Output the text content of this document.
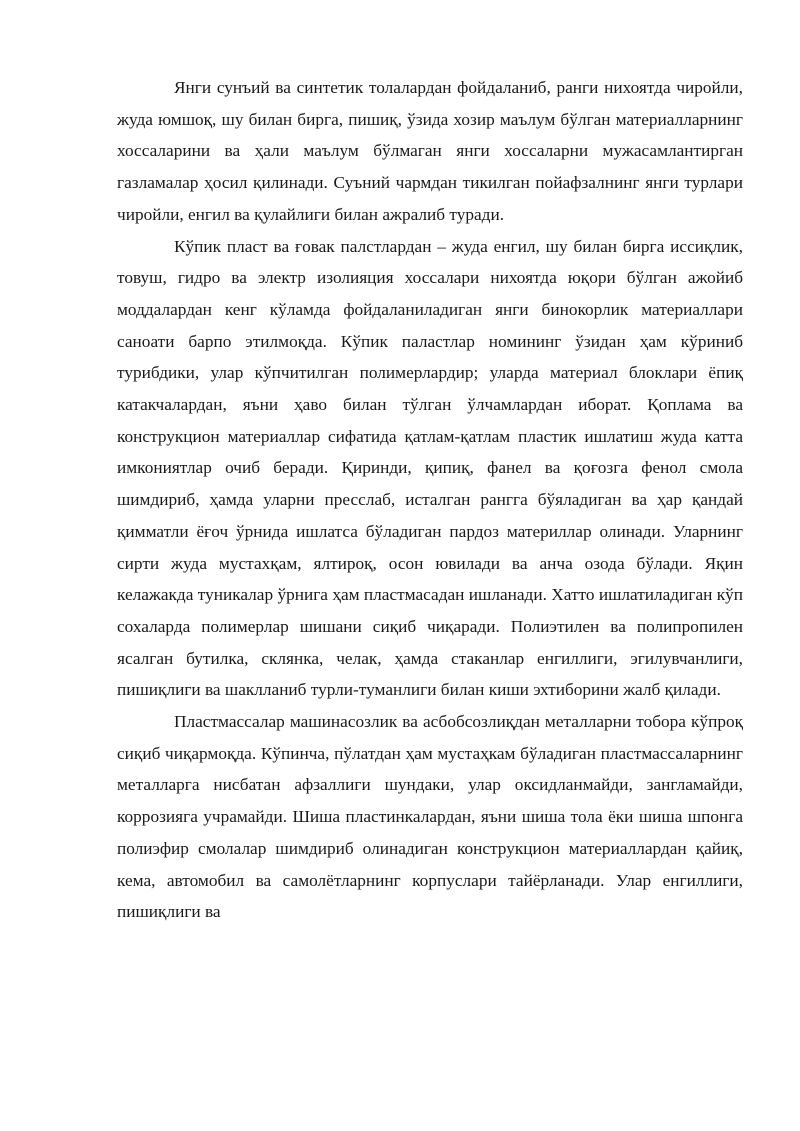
Янги сунъий ва синтетик толалардан фойдаланиб, ранги нихоятда чиройли, жуда юмшоқ, шу билан бирга, пишиқ, ўзида хозир маълум бўлган материалларнинг хоссаларини ва ҳали маълум бўлмаган янги хоссаларни мужасамлантирган газламалар ҳосил қилинади. Суъний чармдан тикилган пойафзалнинг янги турлари чиройли, енгил ва қулайлиги билан ажралиб туради.

Кўпик пласт ва ғовак палстлардан – жуда енгил, шу билан бирга иссиқлик, товуш, гидро ва электр изолияция хоссалари нихоятда юқори бўлган ажойиб моддалардан кенг кўламда фойдаланиладиган янги бинокорлик материаллари саноати барпо этилмоқда. Кўпик паластлар номининг ўзидан ҳам кўриниб турибдики, улар кўпчитилган полимерлардир; уларда материал блоклари ёпиқ катакчалардан, яъни ҳаво билан тўлган ўлчамлардан иборат. Қоплама ва конструкцион материаллар сифатида қатлам-қатлам пластик ишлатиш жуда катта имкониятлар очиб беради. Қиринди, қипиқ, фанел ва қоғозга фенол смола шимдириб, ҳамда уларни пресслаб, исталган рангга бўяладиган ва ҳар қандай қимматли ёғоч ўрнида ишлатса бўладиган пардоз материллар олинади. Уларнинг сирти жуда мустахқам, ялтироқ, осон ювилади ва анча озода бўлади. Яқин келажакда туникалар ўрнига ҳам пластмасадан ишланади. Хатто ишлатиладиган кўп сохаларда полимерлар шишани сиқиб чиқаради. Полиэтилен ва полипропилен ясалган бутилка, склянка, челак, ҳамда стаканлар енгиллиги, эгилувчанлиги, пишиқлиги ва шаклланиб турли-туманлиги билан киши эхтиборини жалб қилади.

Пластмассалар машинасозлик ва асбобсозлиқдан металларни тобора кўпроқ сиқиб чиқармоқда. Кўпинча, пўлатдан ҳам мустаҳкам бўладиган пластмассаларнинг металларга нисбатан афзаллиги шундаки, улар оксидланмайди, зангламайди, коррозияга учрамайди. Шиша пластинкалардан, яъни шиша тола ёки шиша шпонга полиэфир смолалар шимдириб олинадиган конструкцион материаллардан қайиқ, кема, автомобил ва самолётларнинг корпуслари тайёрланади. Улар енгиллиги, пишиқлиги ва
